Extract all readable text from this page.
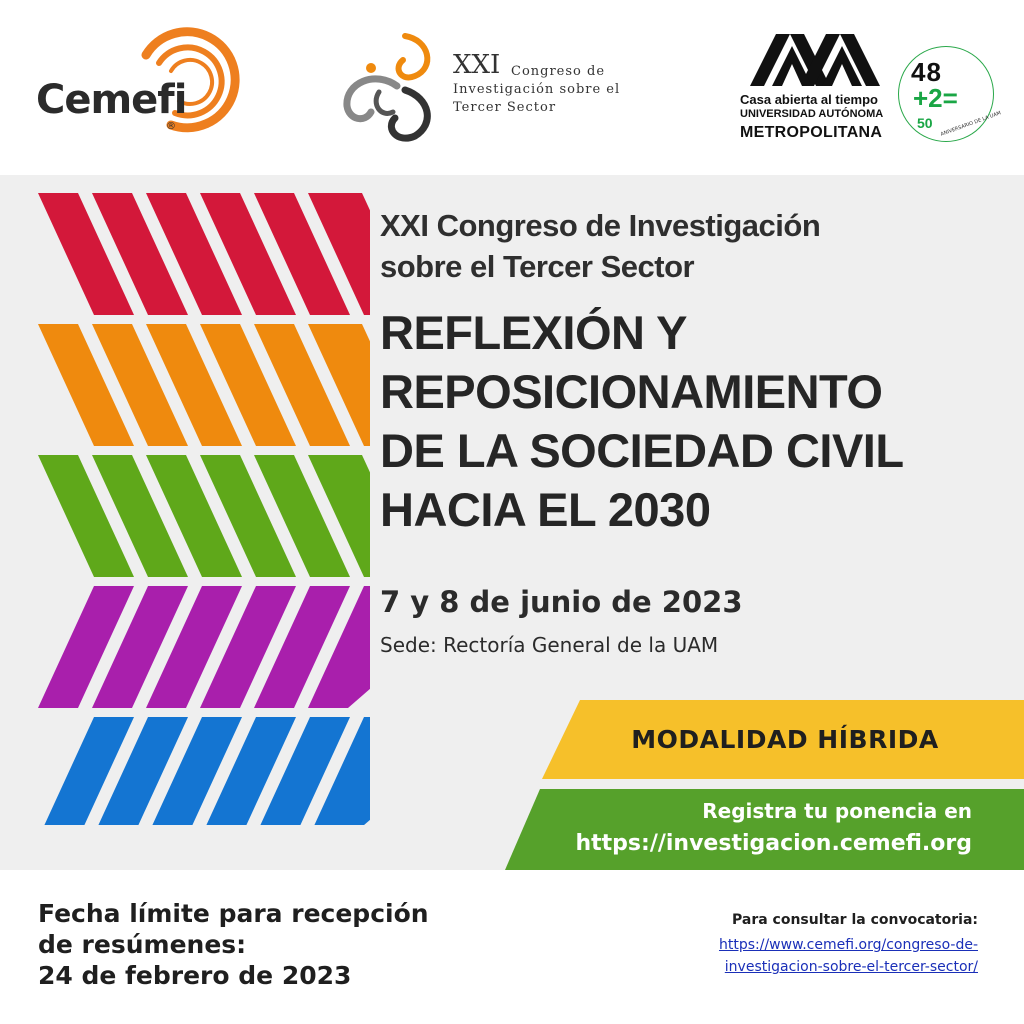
Cemefi
®
XXI Congreso de
Investigación sobre el
Tercer Sector
Casa abierta al tiempo
UNIVERSIDAD AUTÓNOMA
METROPOLITANA
48
+2=
50 ANIVERSARIO DE LA UAM
XXI Congreso de Investigación
sobre el Tercer Sector
REFLEXIÓN Y
REPOSICIONAMIENTO
DE LA SOCIEDAD CIVIL
HACIA EL 2030
7 y 8 de junio de 2023
Sede: Rectoría General de la UAM
MODALIDAD HÍBRIDA
Registra tu ponencia en
https://investigacion.cemefi.org
Fecha límite para recepción
de resúmenes:
24 de febrero de 2023
Para consultar la convocatoria:
https://www.cemefi.org/congreso-de-
investigacion-sobre-el-tercer-sector/
